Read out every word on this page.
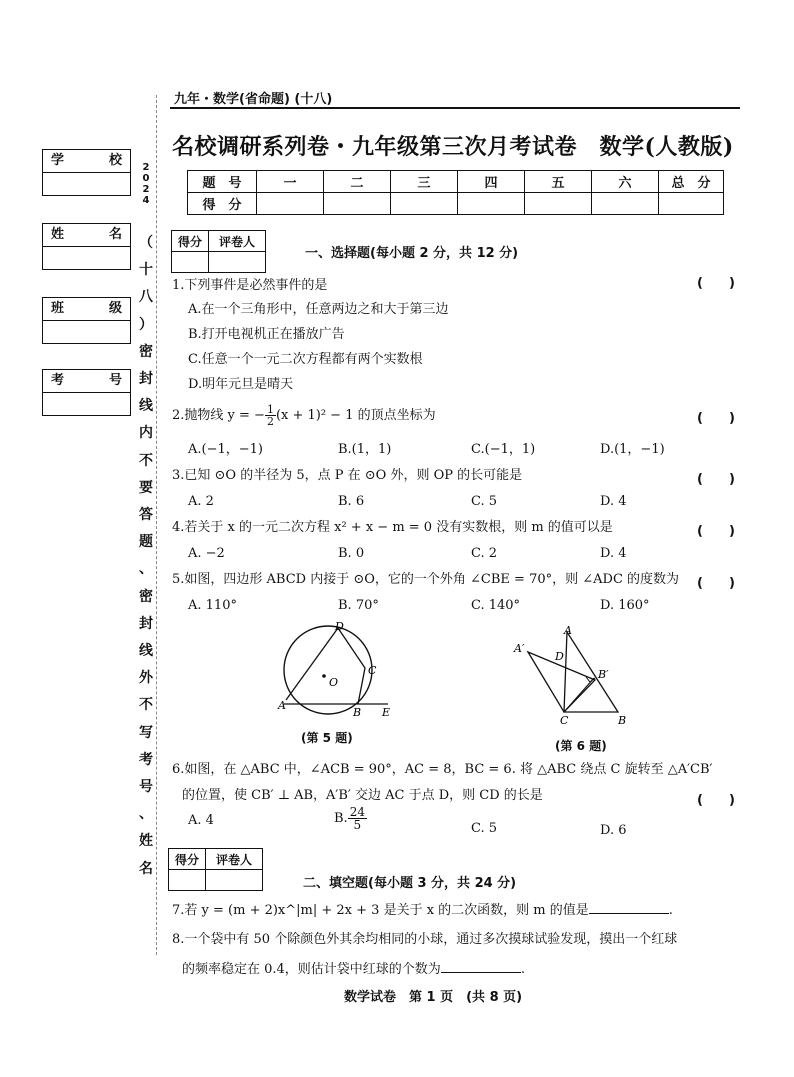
学	校
姓	名
班	级
考	号
2
0
2
4
（
十
八
）
密
封
线
内
不
要
答
题
、
密
封
线
外
不
写
考
号
、
姓
名
九年・数学(省命题) (十八)
名校调研系列卷・九年级第三次月考试卷　数学(人教版)
题　号	一	二	三	四	五	六	总　分
得　分							
得分	评卷人

一、选择题(每小题 2 分，共 12 分)
1.下列事件是必然事件的是	(　　)
A.在一个三角形中，任意两边之和大于第三边
B.打开电视机正在播放广告
C.任意一个一元二次方程都有两个实数根
D.明年元旦是晴天
2.抛物线 y = − $\frac{1}{2} (x + 1)^2 - 1$ 的顶点坐标为	(　　)
A.(−1，−1)	B.(1，1)	C.(−1，1)	D.(1，−1)
3.已知 ⊙O 的半径为 5，点 P 在 ⊙O 外，则 OP 的长可能是	(　　)
A. 2	B. 6	C. 5	D. 4
4.若关于 x 的一元二次方程 x² + x − m = 0 没有实数根，则 m 的值可以是	(　　)
A. −2	B. 0	C. 2	D. 4
5.如图，四边形 ABCD 内接于 ⊙O，它的一个外角 ∠CBE = 70°，则 ∠ADC 的度数为 (　　)
A. 110°	B. 70°	C. 140°	D. 160°
O
D
C
A
B E
(第 5 题)
A
A′
D
B′
C	B
(第 6 题)
6.如图，在 △ABC 中，∠ACB = 90°，AC = 8，BC = 6. 将 △ABC 绕点 C 旋转至 △A′CB′
的位置，使 CB′ ⊥ AB，A′B′ 交边 AC 于点 D，则 CD 的长是	(　　)
A. 4	B. $\frac{24}{5}$	C. 5	D. 6
得分	评卷人

二、填空题(每小题 3 分，共 24 分)
7.若 y = (m + 2)x^|m| + 2x + 3 是关于 x 的二次函数，则 m 的值是	.
8.一个袋中有 50 个除颜色外其余均相同的小球，通过多次摸球试验发现，摸出一个红球
的频率稳定在 0.4，则估计袋中红球的个数为	.
数学试卷　第 1 页　(共 8 页)
